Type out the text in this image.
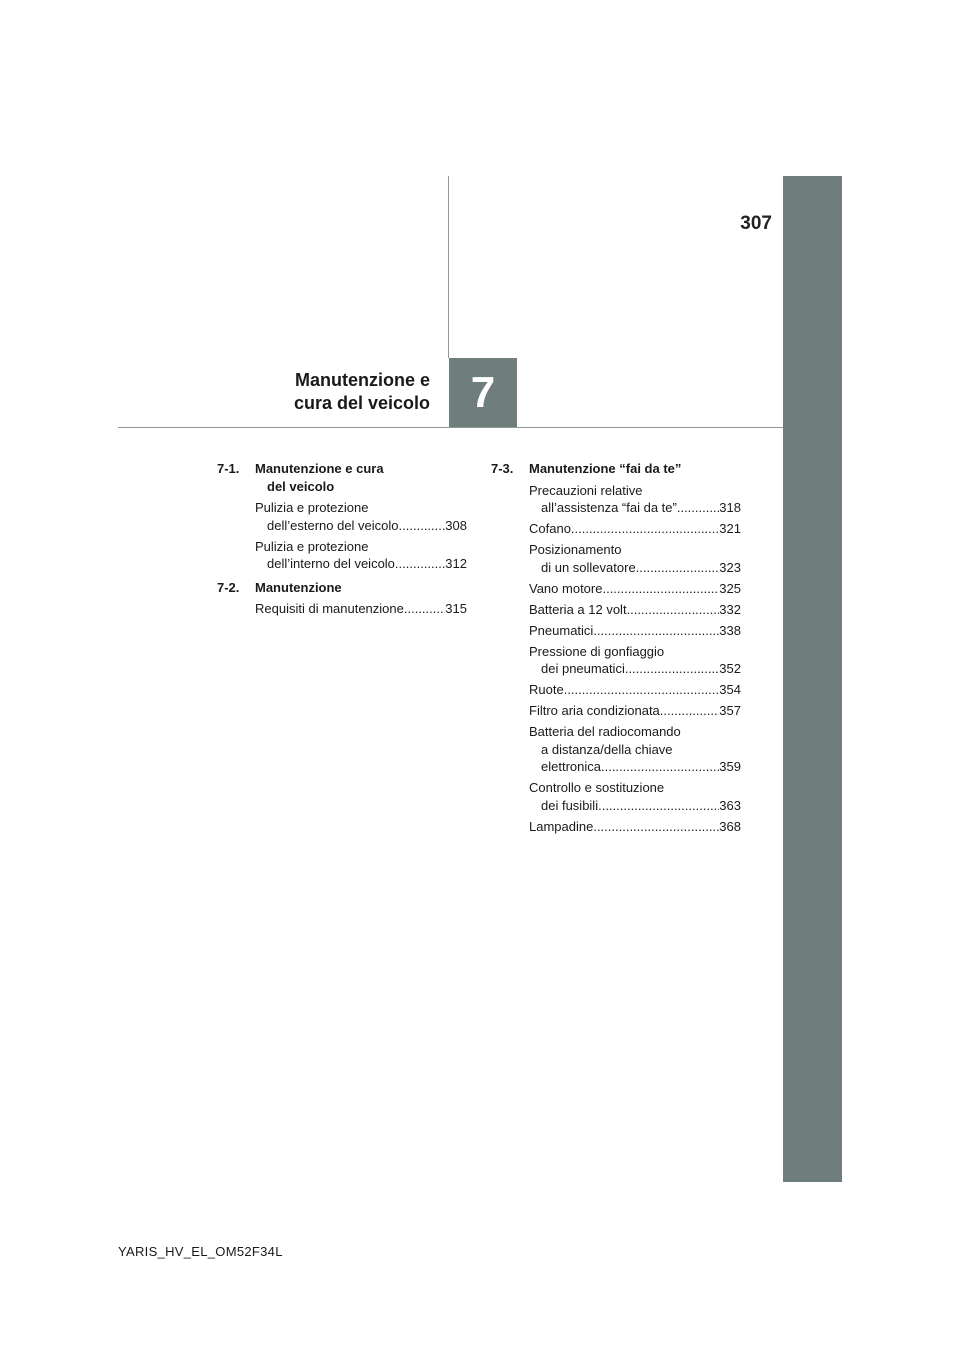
307
7
Manutenzione e
cura del veicolo
7-1.	Manutenzione e cura
del veicolo
Pulizia e protezione
dell’esterno del veicolo .....	308
Pulizia e protezione
dell’interno del veicolo .....	312
7-2.	Manutenzione
Requisiti di manutenzione .....	315
7-3.	Manutenzione “fai da te”
Precauzioni relative
all’assistenza “fai da te” .....	318
Cofano .....	321
Posizionamento
di un sollevatore .....	323
Vano motore .....	325
Batteria a 12 volt .....	332
Pneumatici .....	338
Pressione di gonfiaggio
dei pneumatici .....	352
Ruote .....	354
Filtro aria condizionata .....	357
Batteria del radiocomando
a distanza/della chiave
elettronica .....	359
Controllo e sostituzione
dei fusibili .....	363
Lampadine .....	368
YARIS_HV_EL_OM52F34L
